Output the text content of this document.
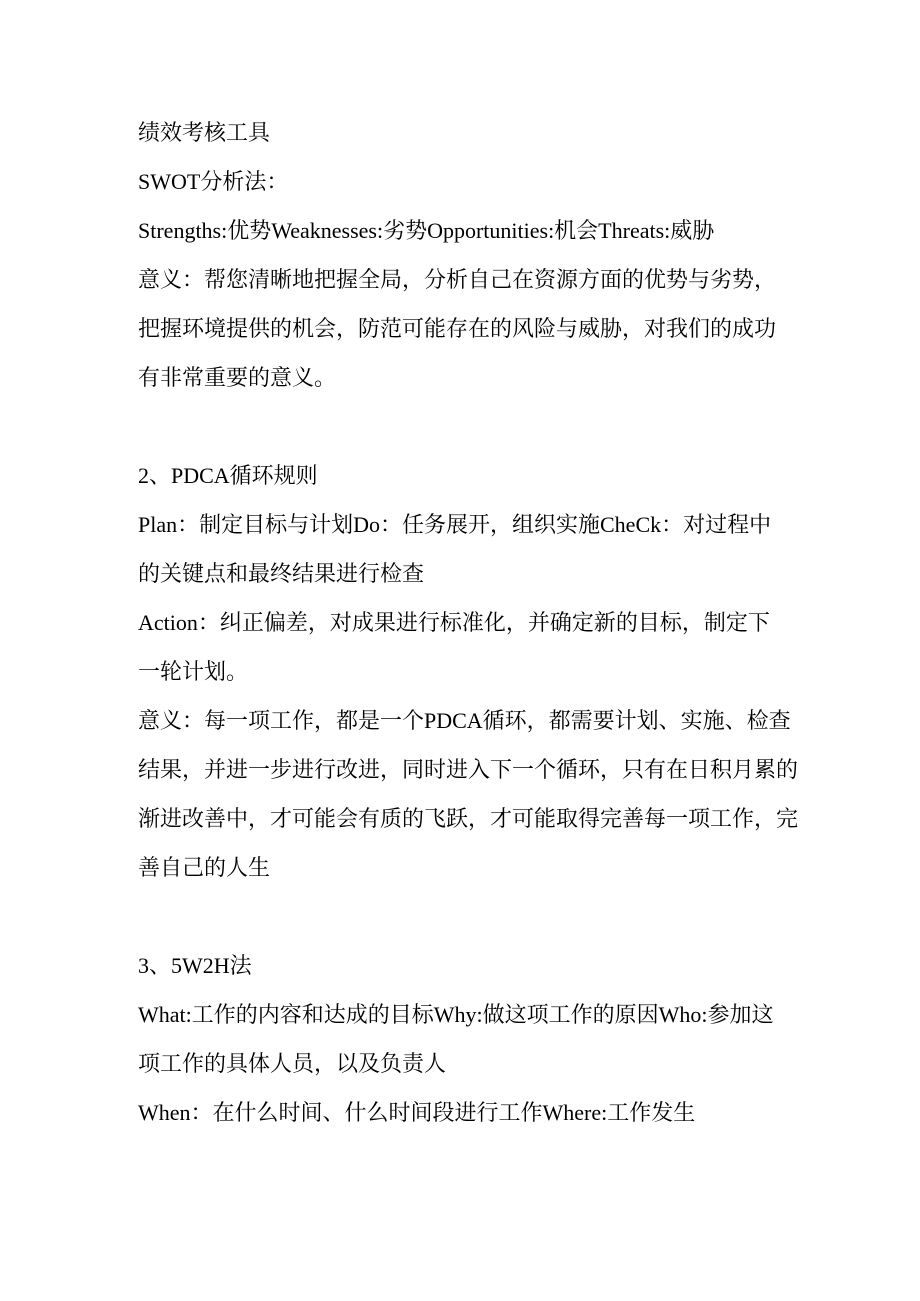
绩效考核工具
SWOT分析法：
Strengths:优势Weaknesses:劣势Opportunities:机会Threats:威胁
意义：帮您清晰地把握全局，分析自己在资源方面的优势与劣势，
把握环境提供的机会，防范可能存在的风险与威胁，对我们的成功
有非常重要的意义。
2、PDCA循环规则
Plan：制定目标与计划Do：任务展开，组织实施CheCk：对过程中
的关键点和最终结果进行检查
Action：纠正偏差，对成果进行标准化，并确定新的目标，制定下
一轮计划。
意义：每一项工作，都是一个PDCA循环，都需要计划、实施、检查
结果，并进一步进行改进，同时进入下一个循环，只有在日积月累的
渐进改善中，才可能会有质的飞跃，才可能取得完善每一项工作，完
善自己的人生
3、5W2H法
What:工作的内容和达成的目标Why:做这项工作的原因Who:参加这
项工作的具体人员，以及负责人
When：在什么时间、什么时间段进行工作Where:工作发生
